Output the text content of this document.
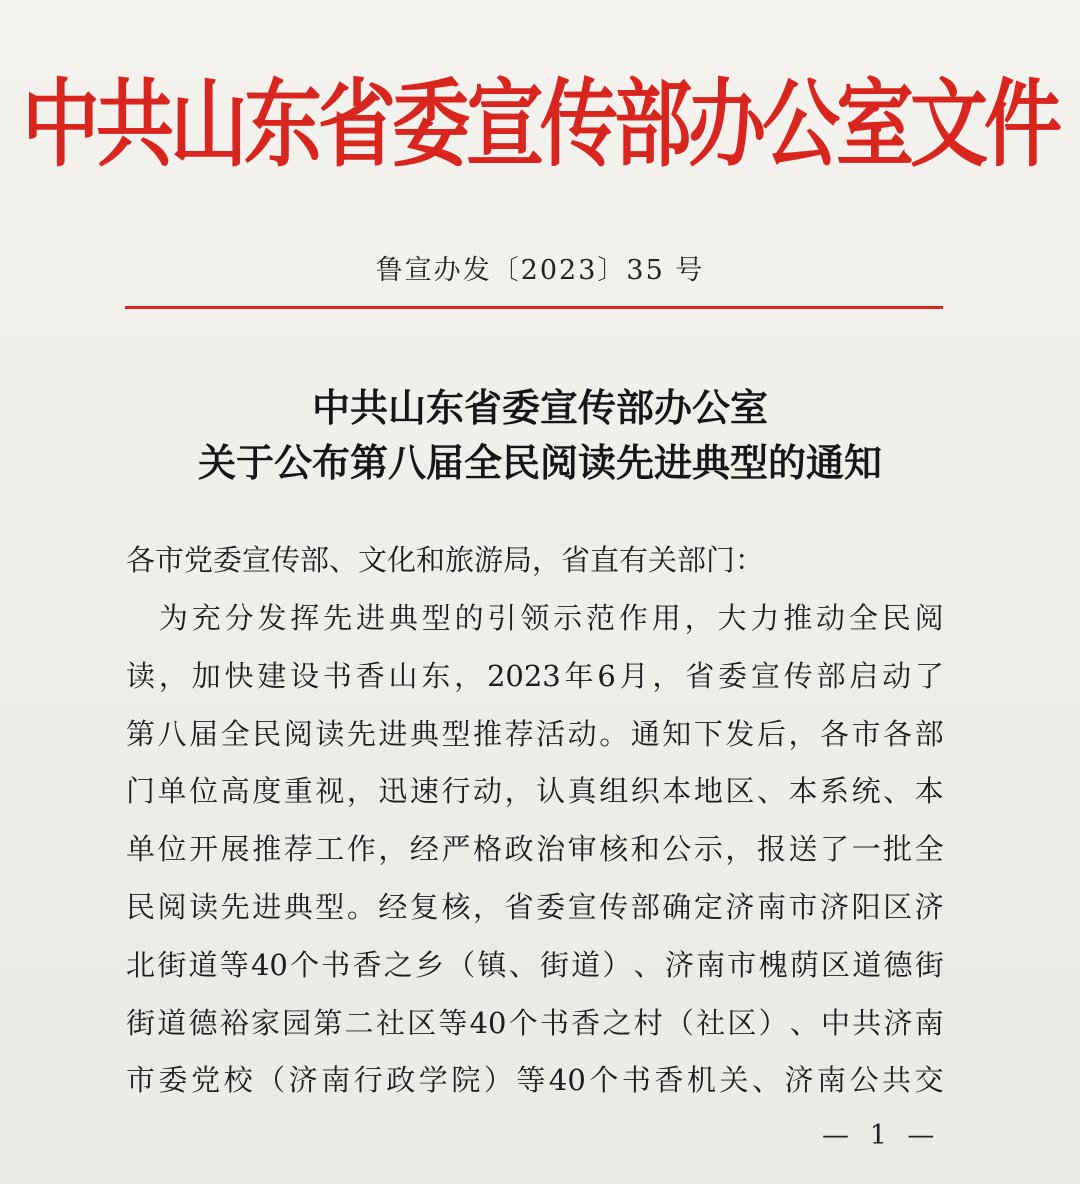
中共山东省委宣传部办公室文件
鲁宣办发〔2023〕35 号
中共山东省委宣传部办公室
关于公布第八届全民阅读先进典型的通知
各市党委宣传部、文化和旅游局，省直有关部门：

为 充 分 发 挥 先 进 典 型 的 引 领 示 范 作 用 ， 大 力 推 动 全 民 阅
读 ， 加 快 建 设 书 香 山 东 ， 2023 年 6 月 ， 省 委 宣 传 部 启 动 了
第 八 届 全 民 阅 读 先 进 典 型 推 荐 活 动 。 通 知 下 发 后 ， 各 市 各 部
门 单 位 高 度 重 视 ， 迅 速 行 动 ， 认 真 组 织 本 地 区 、 本 系 统 、 本
单 位 开 展 推 荐 工 作 ， 经 严 格 政 治 审 核 和 公 示 ， 报 送 了 一 批 全
民 阅 读 先 进 典 型 。 经 复 核 ， 省 委 宣 传 部 确 定 济 南 市 济 阳 区 济
北 街 道 等 40 个 书 香 之 乡 （ 镇 、 街 道 ） 、 济 南 市 槐 荫 区 道 德 街
街 道 德 裕 家 园 第 二 社 区 等 40 个 书 香 之 村 （ 社 区 ） 、 中 共 济 南
市 委 党 校 （ 济 南 行 政 学 院 ） 等 40 个 书 香 机 关 、 济 南 公 共 交
— 1 —
